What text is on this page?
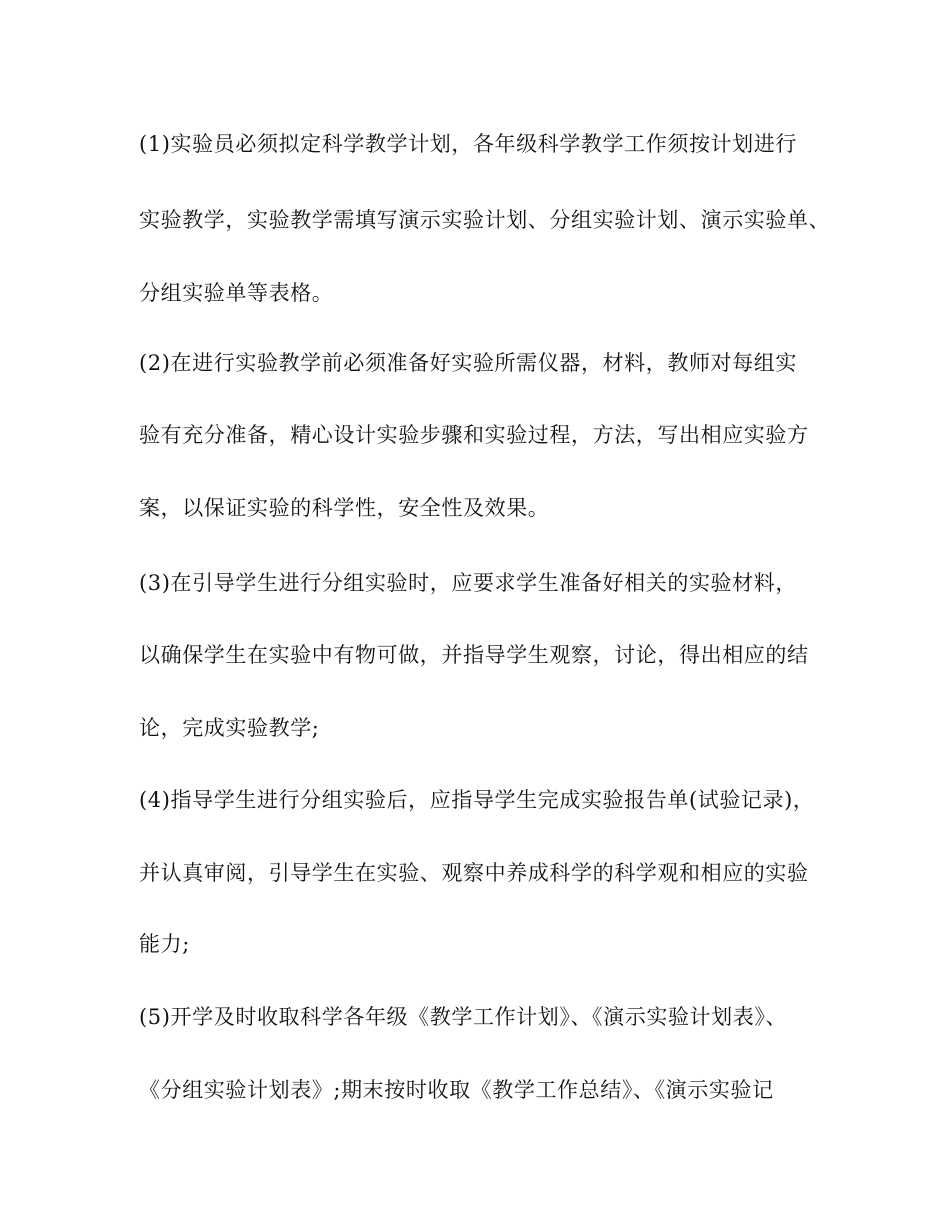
(1)实验员必须拟定科学教学计划，各年级科学教学工作须按计划进行

实验教学，实验教学需填写演示实验计划、分组实验计划、演示实验单、

分组实验单等表格。

(2)在进行实验教学前必须准备好实验所需仪器，材料，教师对每组实

验有充分准备，精心设计实验步骤和实验过程，方法，写出相应实验方

案，以保证实验的科学性，安全性及效果。

(3)在引导学生进行分组实验时，应要求学生准备好相关的实验材料，

以确保学生在实验中有物可做，并指导学生观察，讨论，得出相应的结

论，完成实验教学;

(4)指导学生进行分组实验后，应指导学生完成实验报告单(试验记录)，

并认真审阅，引导学生在实验、观察中养成科学的科学观和相应的实验

能力;

(5)开学及时收取科学各年级《教学工作计划》、《演示实验计划表》、

《分组实验计划表》;期末按时收取《教学工作总结》、《演示实验记
